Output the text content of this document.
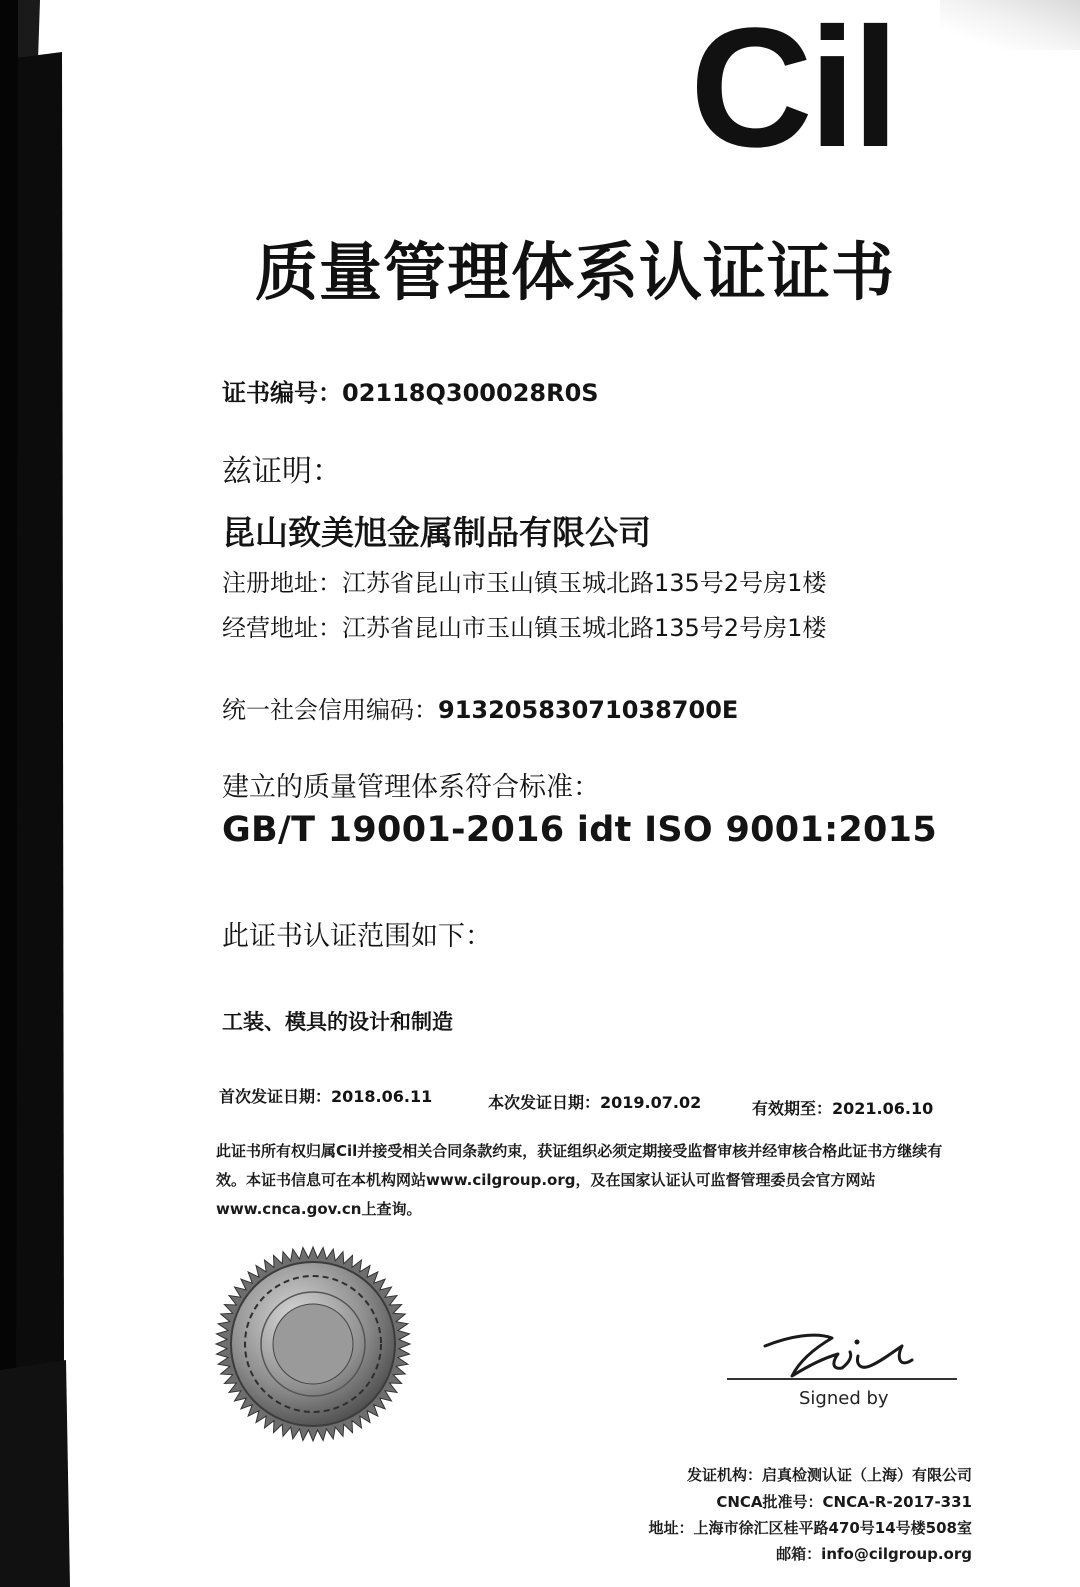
Cil
质量管理体系认证证书

证书编号：02118Q300028R0S

兹证明：

昆山致美旭金属制品有限公司

注册地址：江苏省昆山市玉山镇玉城北路135号2号房1楼

经营地址：江苏省昆山市玉山镇玉城北路135号2号房1楼

统一社会信用编码：91320583071038700E

建立的质量管理体系符合标准：

GB/T 19001-2016 idt ISO 9001:2015

此证书认证范围如下：

工装、模具的设计和制造

首次发证日期：2018.06.11	本次发证日期：2019.07.02	有效期至：2021.06.10

此证书所有权归属Cil并接受相关合同条款约束，获证组织必须定期接受监督审核并经审核合格此证书方继续有效。本证书信息可在本机构网站www.cilgroup.org，及在国家认证认可监督管理委员会官方网站www.cnca.gov.cn上查询。

Signed by

发证机构：启真检测认证（上海）有限公司

CNCA批准号：CNCA-R-2017-331

地址：上海市徐汇区桂平路470号14号楼508室

邮箱：info@cilgroup.org
